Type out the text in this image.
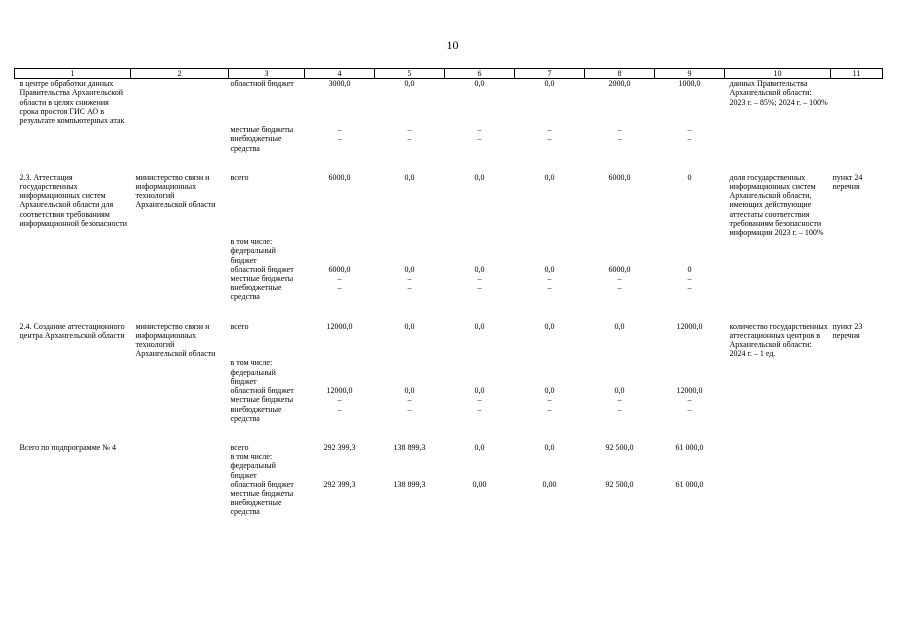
10
1	2	3	4	5	6	7	8	9	10	11
в центре обработки данных Правительства Архангельской области в целях снижения срока простоя ГИС АО в результате компьютерных атак		областной бюджет	3000,0	0,0	0,0	0,0	2000,0	1000,0	данных Правительства Архангельской области: 2023 г. – 85%; 2024 г. – 100%	
		местные бюджеты	–	–	–	–	–	–		
		внебюджетные средства	–	–	–	–	–	–		

2.3. Аттестация государственных информационных систем Архангельской области для соответствия требованиям информационной безопасности	министерство связи и информационных технологий Архангельской области	всего	6000,0	0,0	0,0	0,0	6000,0	0	доля государственных информационных систем Архангельской области, имеющих действующие аттестаты соответствия требованиям безопасности информации 2023 г. – 100%	пункт 24 перечня
		в том числе:								
		федеральный бюджет								
		областной бюджет	6000,0	0,0	0,0	0,0	6000,0	0		
		местные бюджеты	–	–	–	–	–	–		
		внебюджетные средства	–	–	–	–	–	–		

2.4. Создание аттестационного центра Архангельской области	министерство связи и информационных технологий Архангельской области	всего	12000,0	0,0	0,0	0,0	0,0	12000,0	количество государственных аттестационных центров в Архангельской области: 2024 г. – 1 ед.	пункт 23 перечня
		в том числе:								
		федеральный бюджет								
		областной бюджет	12000,0	0,0	0,0	0,0	0,0	12000,0		
		местные бюджеты	–	–	–	–	–	–		
		внебюджетные средства	–	–	–	–	–	–		

Всего по подпрограмме № 4		всего	292 399,3	138 899,3	0,0	0,0	92 500,0	61 000,0		
		в том числе:								
		федеральный бюджет								
		областной бюджет	292 399,3	138 899,3	0,00	0,00	92 500,0	61 000,0		
		местные бюджеты								
		внебюджетные средства								
